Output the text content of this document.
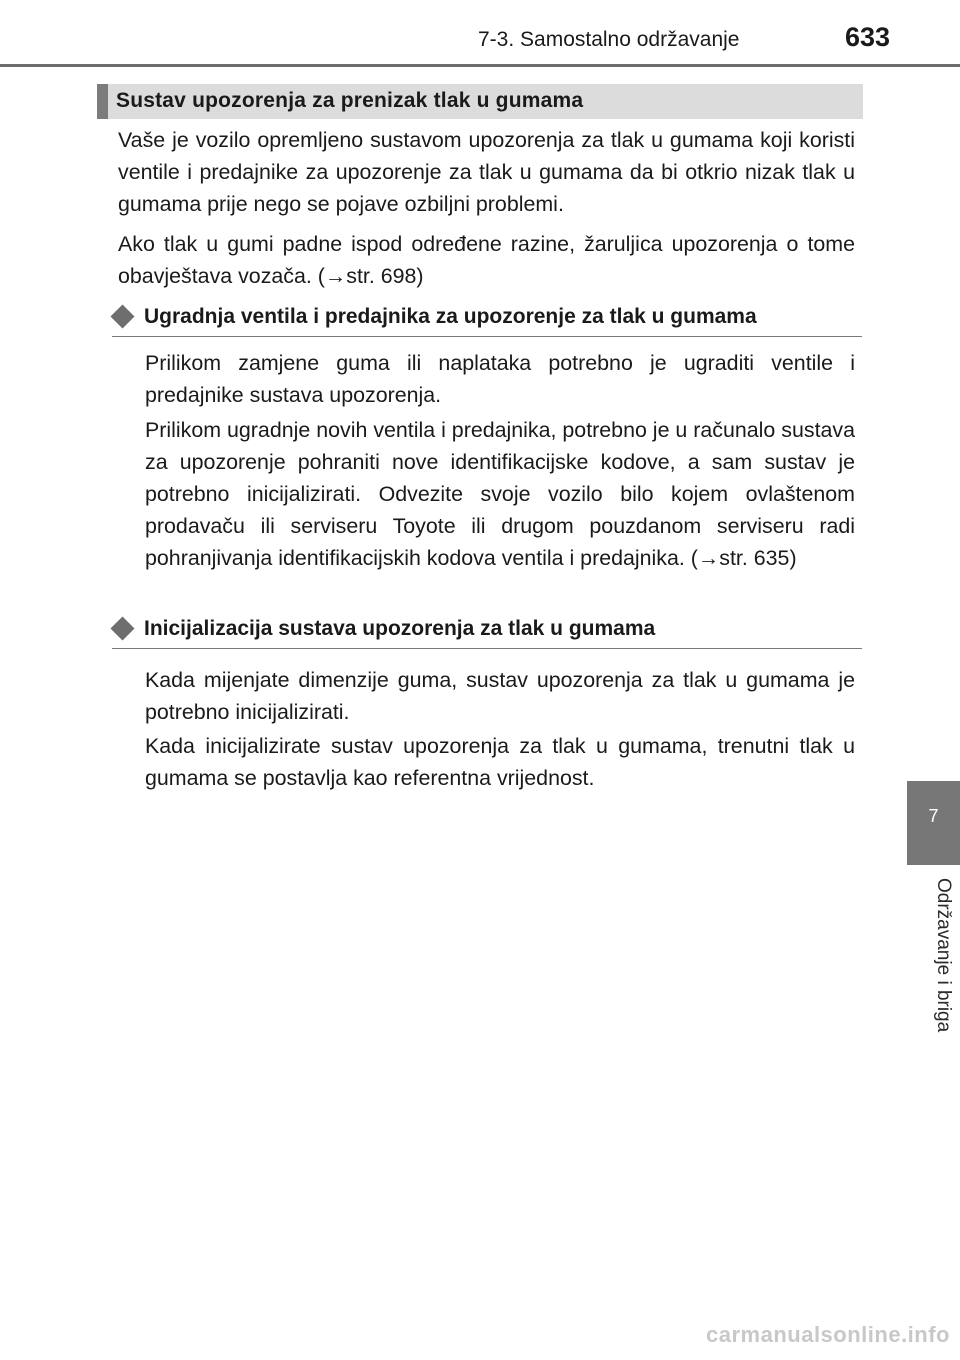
7-3. Samostalno održavanje	633
Sustav upozorenja za prenizak tlak u gumama

Vaše je vozilo opremljeno sustavom upozorenja za tlak u gumama koji koristi ventile i predajnike za upozorenje za tlak u gumama da bi otkrio nizak tlak u gumama prije nego se pojave ozbiljni problemi.

Ako tlak u gumi padne ispod određene razine, žaruljica upozorenja o tome obavještava vozača. (→str. 698)

Ugradnja ventila i predajnika za upozorenje za tlak u gumama

Prilikom zamjene guma ili naplataka potrebno je ugraditi ventile i predajnike sustava upozorenja.

Prilikom ugradnje novih ventila i predajnika, potrebno je u računalo sustava za upozorenje pohraniti nove identifikacijske kodove, a sam sustav je potrebno inicijalizirati. Odvezite svoje vozilo bilo kojem ovlaštenom prodavaču ili serviseru Toyote ili drugom pouzdanom serviseru radi pohranjivanja identifikacijskih kodova ventila i predajnika. (→str. 635)

Inicijalizacija sustava upozorenja za tlak u gumama

Kada mijenjate dimenzije guma, sustav upozorenja za tlak u gumama je potrebno inicijalizirati.

Kada inicijalizirate sustav upozorenja za tlak u gumama, trenutni tlak u gumama se postavlja kao referentna vrijednost.

7
Održavanje i briga
carmanualsonline.info
